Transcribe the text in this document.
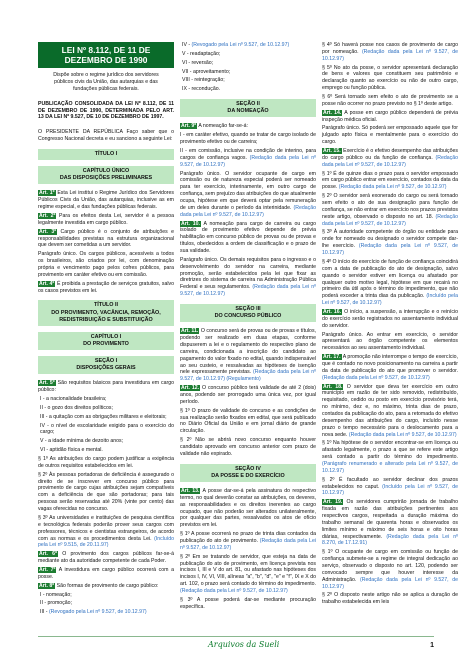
LEI Nº 8.112, DE 11 DE DEZEMBRO DE 1990
Dispõe sobre o regime jurídico dos servidores públicos civis da União, das autarquias e das fundações públicas federais.

PUBLICAÇÃO CONSOLIDADA DA LEI Nº 8.112, DE 11 DE DEZEMBRO DE 1990, DETERMINADA PELO ART. 13 DA LEI Nº 9.527, DE 10 DE DEZEMBRO DE 1997.

O PRESIDENTE DA REPÚBLICA Faço saber que o Congresso Nacional decreta e eu sanciono a seguinte Lei:

TÍTULO I
CAPÍTULO ÚNICO
DAS DISPOSIÇÕES PRELIMINARES

Art. 1º Esta Lei institui o Regime Jurídico dos Servidores Públicos Civis da União, das autarquias, inclusive as em regime especial, e das fundações públicas federais.

Art. 2º Para os efeitos desta Lei, servidor é a pessoa legalmente investida em cargo público.

Art. 3º Cargo público é o conjunto de atribuições e responsabilidades previstas na estrutura organizacional que devem ser cometidas a um servidor.

Parágrafo único. Os cargos públicos, acessíveis a todos os brasileiros, são criados por lei, com denominação própria e vencimento pago pelos cofres públicos, para provimento em caráter efetivo ou em comissão.

Art. 4º É proibida a prestação de serviços gratuitos, salvo os casos previstos em lei.

TÍTULO II
DO PROVIMENTO, VACÂNCIA, REMOÇÃO, REDISTRIBUIÇÃO E SUBSTITUIÇÃO
CAPÍTULO I
DO PROVIMENTO
SEÇÃO I
DISPOSIÇÕES GERAIS

Art. 5º São requisitos básicos para investidura em cargo público:

I - a nacionalidade brasileira;

II - o gozo dos direitos políticos;

III - a quitação com as obrigações militares e eleitorais;

IV - o nível de escolaridade exigido para o exercício do cargo;

V - a idade mínima de dezoito anos;

VI - aptidão física e mental.

§ 1º As atribuições do cargo podem justificar a exigência de outros requisitos estabelecidos em lei.

§ 2º Às pessoas portadoras de deficiência é assegurado o direito de se inscrever em concurso público para provimento de cargo cujas atribuições sejam compatíveis com a deficiência de que são portadoras; para tais pessoas serão reservadas até 20% (vinte por cento) das vagas oferecidas no concurso.

§ 3º As universidades e instituições de pesquisa científica e tecnológica federais poderão prover seus cargos com professores, técnicos e cientistas estrangeiros, de acordo com as normas e os procedimentos desta Lei. (Incluído pela Lei nº 9.515, de 20.11.97)

Art. 6º O provimento dos cargos públicos far-se-á mediante ato da autoridade competente de cada Poder.

Art. 7º A investidura em cargo público ocorrerá com a posse.

Art. 8º São formas de provimento de cargo público:

I - nomeação;

II - promoção;

III - (Revogado pela Lei nº 9.527, de 10.12.97)

IV - (Revogado pela Lei nº 9.527, de 10.12.97)

V - readaptação;

VI - reversão;

VII - aproveitamento;

VIII - reintegração;

IX - recondução.

SEÇÃO II
DA NOMEAÇÃO

Art. 9º A nomeação far-se-á:

I - em caráter efetivo, quando se tratar de cargo isolado de provimento efetivo ou de carreira;

II - em comissão, inclusive na condição de interino, para cargos de confiança vagos. (Redação dada pela Lei nº 9.527, de 10.12.97)

Parágrafo único. O servidor ocupante de cargo em comissão ou de natureza especial poderá ser nomeado para ter exercício, interinamente, em outro cargo de confiança, sem prejuízo das atribuições do que atualmente ocupa, hipótese em que deverá optar pela remuneração de um deles durante o período da interinidade. (Redação dada pela Lei nº 9.527, de 10.12.97)

Art. 10. A nomeação para cargo de carreira ou cargo isolado de provimento efetivo depende de prévia habilitação em concurso público de provas ou de provas e títulos, obedecidos a ordem de classificação e o prazo de sua validade.

Parágrafo único. Os demais requisitos para o ingresso e o desenvolvimento do servidor na carreira, mediante promoção, serão estabelecidos pela lei que fixar as diretrizes do sistema de carreira na Administração Pública Federal e seus regulamentos. (Redação dada pela Lei nº 9.527, de 10.12.97)

SEÇÃO III
DO CONCURSO PÚBLICO

Art. 11. O concurso será de provas ou de provas e títulos, podendo ser realizado em duas etapas, conforme dispuserem a lei e o regulamento do respectivo plano de carreira, condicionada a inscrição do candidato ao pagamento do valor fixado no edital, quando indispensável ao seu custeio, e ressalvadas as hipóteses de isenção nele expressamente previstas. (Redação dada pela Lei nº 9.527, de 10.12.97) (Regulamento)

Art. 12. O concurso público terá validade de até 2 (dois) anos, podendo ser prorrogado uma única vez, por igual período.

§ 1º O prazo de validade do concurso e as condições de sua realização serão fixados em edital, que será publicado no Diário Oficial da União e em jornal diário de grande circulação.

§ 2º Não se abrirá novo concurso enquanto houver candidato aprovado em concurso anterior com prazo de validade não expirado.

SEÇÃO IV
DA POSSE E DO EXERCÍCIO

Art. 13. A posse dar-se-á pela assinatura do respectivo termo, no qual deverão constar as atribuições, os deveres, as responsabilidades e os direitos inerentes ao cargo ocupado, que não poderão ser alterados unilateralmente, por qualquer das partes, ressalvados os atos de ofício previstos em lei.

§ 1º A posse ocorrerá no prazo de trinta dias contados da publicação do ato de provimento. (Redação dada pela Lei nº 9.527, de 10.12.97)

§ 2º Em se tratando de servidor, que esteja na data de publicação do ato de provimento, em licença prevista nos incisos I, III e V do art. 81, ou afastado nas hipóteses dos incisos I, IV, VI, VIII, alíneas "a", "b", "d", "e" e "f", IX e X do art. 102, o prazo será contado do término do impedimento. (Redação dada pela Lei nº 9.527, de 10.12.97)

§ 3º A posse poderá dar-se mediante procuração específica.

§ 4º Só haverá posse nos casos de provimento de cargo por nomeação. (Redação dada pela Lei nº 9.527, de 10.12.97)

§ 5º No ato da posse, o servidor apresentará declaração de bens e valores que constituem seu patrimônio e declaração quanto ao exercício ou não de outro cargo, emprego ou função pública.

§ 6º Será tornado sem efeito o ato de provimento se a posse não ocorrer no prazo previsto no § 1º deste artigo.

Art. 14. A posse em cargo público dependerá de prévia inspeção médica oficial.

Parágrafo único. Só poderá ser empossado aquele que for julgado apto física e mentalmente para o exercício do cargo.

Art. 15. Exercício é o efetivo desempenho das atribuições do cargo público ou da função de confiança. (Redação dada pela Lei nº 9.527, de 10.12.97)

§ 1º É de quinze dias o prazo para o servidor empossado em cargo público entrar em exercício, contados da data da posse. (Redação dada pela Lei nº 9.527, de 10.12.97)

§ 2º O servidor será exonerado do cargo ou será tornado sem efeito o ato de sua designação para função de confiança, se não entrar em exercício nos prazos previstos neste artigo, observado o disposto no art. 18. (Redação dada pela Lei nº 9.527, de 10.12.97)

§ 3º À autoridade competente do órgão ou entidade para onde for nomeado ou designado o servidor compete dar-lhe exercício. (Redação dada pela Lei nº 9.527, de 10.12.97)

§ 4º O início do exercício de função de confiança coincidirá com a data de publicação do ato de designação, salvo quando o servidor estiver em licença ou afastado por qualquer outro motivo legal, hipótese em que recairá no primeiro dia útil após o término do impedimento, que não poderá exceder a trinta dias da publicação. (Incluído pela Lei nº 9.527, de 10.12.97)

Art. 16. O início, a suspensão, a interrupção e o reinício do exercício serão registrados no assentamento individual do servidor.

Parágrafo único. Ao entrar em exercício, o servidor apresentará ao órgão competente os elementos necessários ao seu assentamento individual.

Art. 17. A promoção não interrompe o tempo de exercício, que é contado no novo posicionamento na carreira a partir da data de publicação do ato que promover o servidor. (Redação dada pela Lei nº 9.527, de 10.12.97)

Art. 18. O servidor que deva ter exercício em outro município em razão de ter sido removido, redistribuído, requisitado, cedido ou posto em exercício provisório terá, no mínimo, dez e, no máximo, trinta dias de prazo, contados da publicação do ato, para a retomada do efetivo desempenho das atribuições do cargo, incluído nesse prazo o tempo necessário para o deslocamento para a nova sede. (Redação dada pela Lei nº 9.527, de 10.12.97)

§ 1º Na hipótese de o servidor encontrar-se em licença ou afastado legalmente, o prazo a que se refere este artigo será contado a partir do término do impedimento. (Parágrafo renumerado e alterado pela Lei nº 9.527, de 10.12.97)

§ 2º É facultado ao servidor declinar dos prazos estabelecidos no caput. (Incluído pela Lei nº 9.527, de 10.12.97)

Art. 19. Os servidores cumprirão jornada de trabalho fixada em razão das atribuições pertinentes aos respectivos cargos, respeitada a duração máxima do trabalho semanal de quarenta horas e observados os limites mínimo e máximo de seis horas e oito horas diárias, respectivamente. (Redação dada pela Lei nº 8.270, de 17.12.91)

§ 1º O ocupante de cargo em comissão ou função de confiança submete-se a regime de integral dedicação ao serviço, observado o disposto no art. 120, podendo ser convocado sempre que houver interesse da Administração. (Redação dada pela Lei nº 9.527, de 10.12.97)

§ 2º O disposto neste artigo não se aplica a duração de trabalho estabelecida em leis

Arquivos da Sueli	1
